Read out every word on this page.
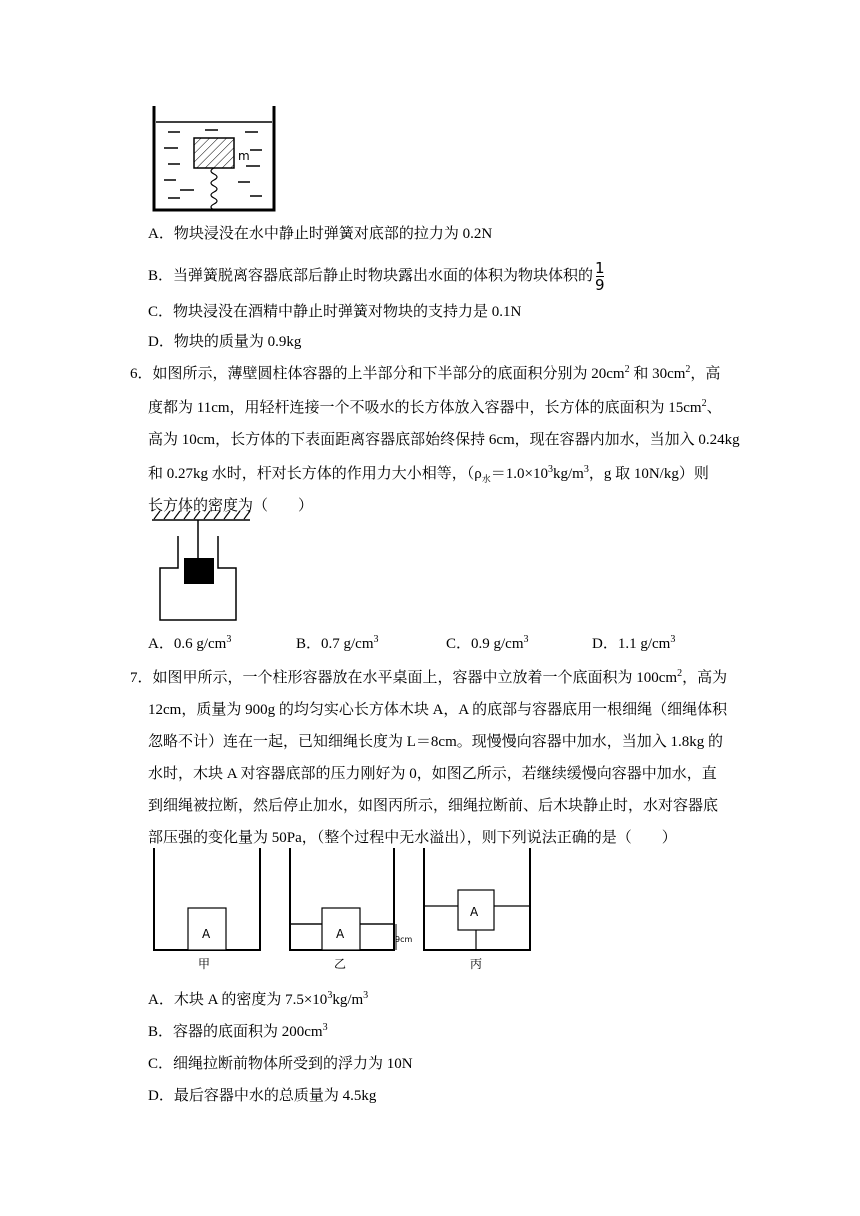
m
A．物块浸没在水中静止时弹簧对底部的拉力为 0.2N
B．当弹簧脱离容器底部后静止时物块露出水面的体积为物块体积的 $\frac{1}{9}$
C．物块浸没在酒精中静止时弹簧对物块的支持力是 0.1N
D．物块的质量为 0.9kg
6．如图所示，薄壁圆柱体容器的上半部分和下半部分的底面积分别为 $20cm^2$ 和 $30cm^2$，高
度都为 11cm，用轻杆连接一个不吸水的长方体放入容器中，长方体的底面积为 $15cm^2$、
高为 10cm，长方体的下表面距离容器底部始终保持 6cm，现在容器内加水，当加入 0.24kg
和 0.27kg 水时，杆对长方体的作用力大小相等，（$\rho_水=1.0\times 10^3kg/m^3$，g 取 10N/kg）则
长方体的密度为（　　）
A．0.6 $g/cm^3$	B．0.7 $g/cm^3$	C．0.9 $g/cm^3$	D．1.1 $g/cm^3$
7．如图甲所示，一个柱形容器放在水平桌面上，容器中立放着一个底面积为 $100cm^2$，高为
12cm，质量为 900g 的均匀实心长方体木块 A，A 的底部与容器底用一根细绳（细绳体积
忽略不计）连在一起，已知细绳长度为 L＝8cm。现慢慢向容器中加水，当加入 1.8kg 的
水时，木块 A 对容器底部的压力刚好为 0，如图乙所示，若继续缓慢向容器中加水，直
到细绳被拉断，然后停止加水，如图丙所示，细绳拉断前、后木块静止时，水对容器底
部压强的变化量为 50Pa，（整个过程中无水溢出），则下列说法正确的是（　　）
A
甲
A	9cm
乙
A
丙
A．木块 A 的密度为 $7.5\times 10^3kg/m^3$
B．容器的底面积为 $200cm^3$
C．细绳拉断前物体所受到的浮力为 10N
D．最后容器中水的总质量为 4.5kg
